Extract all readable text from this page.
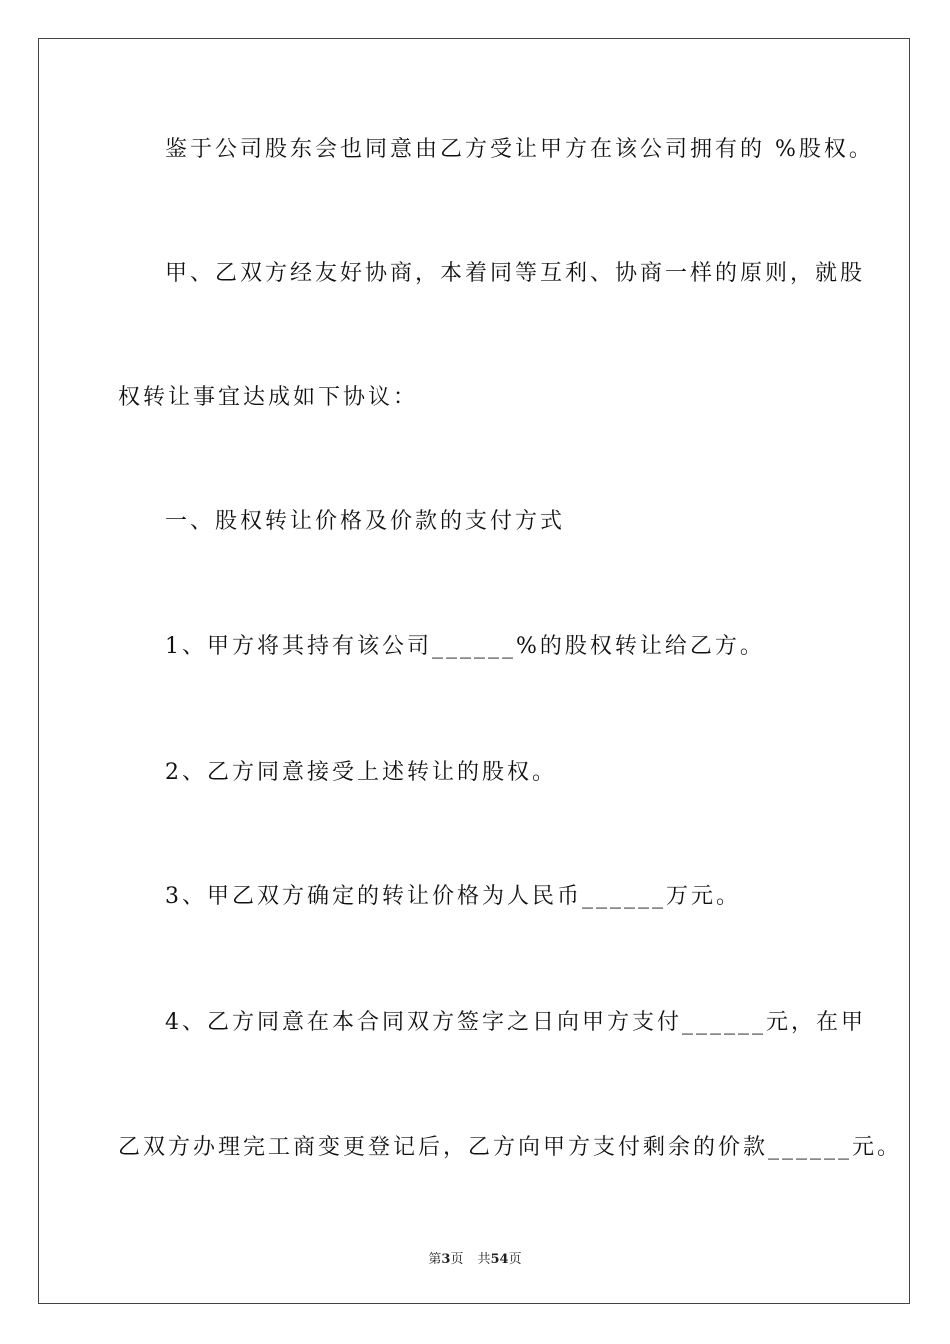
鉴于公司股东会也同意由乙方受让甲方在该公司拥有的 %股权。
甲、乙双方经友好协商，本着同等互利、协商一样的原则，就股
权转让事宜达成如下协议：
一、股权转让价格及价款的支付方式
1、甲方将其持有该公司______%的股权转让给乙方。
2、乙方同意接受上述转让的股权。
3、甲乙双方确定的转让价格为人民币______万元。
4、乙方同意在本合同双方签字之日向甲方支付______元，在甲
乙双方办理完工商变更登记后，乙方向甲方支付剩余的价款______元。
第3页 共54页
